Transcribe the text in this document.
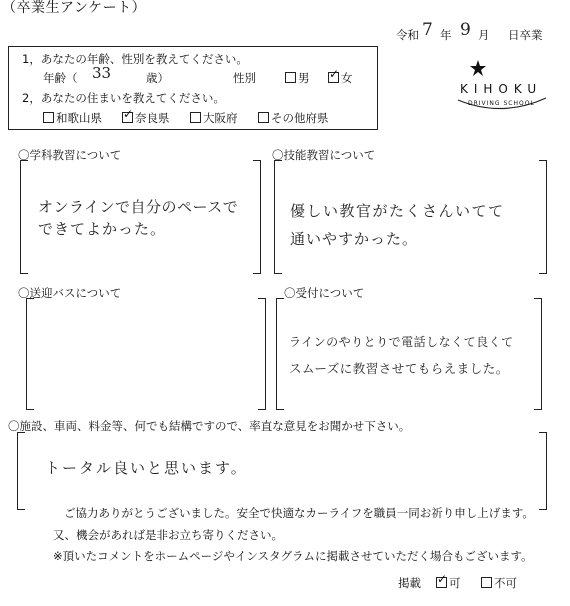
（卒業生アンケート）
令和 7 年 9 月 日卒業
1，あなたの年齢、性別を教えてください。
年齢（ 33	歳）	性別	男 ✓	女
2，あなたの住まいを教えてください。
和歌山県 ✓	奈良県	大阪府	その他府県
KIHOKU
DRIVING SCHOOL
〇学科教習について
オンラインで自分のペースで
できてよかった。
〇技能教習について
優しい教官がたくさんいてて
通いやすかった。
〇送迎バスについて	〇受付について
ラインのやりとりで電話しなくて良くて
スムーズに教習させてもらえました。
〇施設、車両、料金等、何でも結構ですので、率直な意見をお聞かせ下さい。
トータル良いと思います。
ご協力ありがとうございました。安全で快適なカーライフを職員一同お祈り申し上げます。
又、機会があれば是非お立ち寄りください。
※頂いたコメントをホームページやインスタグラムに掲載させていただく場合もございます。
掲載 ✓	可	不可
